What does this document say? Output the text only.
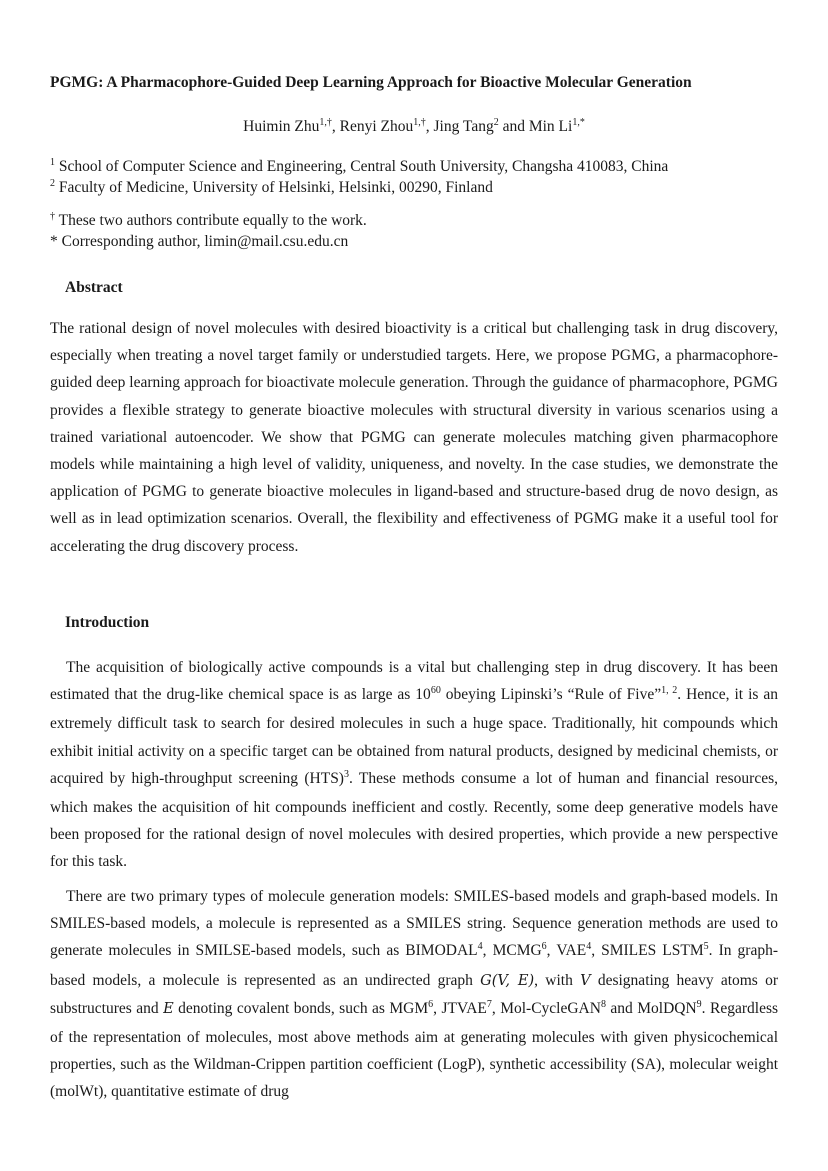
PGMG: A Pharmacophore-Guided Deep Learning Approach for Bioactive Molecular Generation
Huimin Zhu$^{1,\dagger}$, Renyi Zhou$^{1,\dagger}$, Jing Tang$^2$ and Min $Li^{1,*}$
$^1$ School of Computer Science and Engineering, Central South University, Changsha 410083, China
$^2$ Faculty of Medicine, University of Helsinki, Helsinki, 00290, Finland
† These two authors contribute equally to the work.
* Corresponding author, limin@mail.csu.edu.cn
Abstract
The rational design of novel molecules with desired bioactivity is a critical but challenging task in drug discovery, especially when treating a novel target family or understudied targets. Here, we propose PGMG, a pharmacophore-guided deep learning approach for bioactivate molecule generation. Through the guidance of pharmacophore, PGMG provides a flexible strategy to generate bioactive molecules with structural diversity in various scenarios using a trained variational autoencoder. We show that PGMG can generate molecules matching given pharmacophore models while maintaining a high level of validity, uniqueness, and novelty. In the case studies, we demonstrate the application of PGMG to generate bioactive molecules in ligand-based and structure-based drug de novo design, as well as in lead optimization scenarios. Overall, the flexibility and effectiveness of PGMG make it a useful tool for accelerating the drug discovery process.
Introduction
The acquisition of biologically active compounds is a vital but challenging step in drug discovery. It has been estimated that the drug-like chemical space is as large as $10^{60}$ obeying Lipinski’s “Rule of Five”$^{1, 2}$. Hence, it is an extremely difficult task to search for desired molecules in such a huge space. Traditionally, hit compounds which exhibit initial activity on a specific target can be obtained from natural products, designed by medicinal chemists, or acquired by high-throughput screening (HTS)$^3$. These methods consume a lot of human and financial resources, which makes the acquisition of hit compounds inefficient and costly. Recently, some deep generative models have been proposed for the rational design of novel molecules with desired properties, which provide a new perspective for this task.
There are two primary types of molecule generation models: SMILES-based models and graph-based models. In SMILES-based models, a molecule is represented as a SMILES string. Sequence generation methods are used to generate molecules in SMILSE-based models, such as BIMODAL$^4$, MCMG$^6$, VAE$^4$, SMILES LSTM$^5$. In graph-based models, a molecule is represented as an undirected graph G(V, E), with V designating heavy atoms or substructures and E denoting covalent bonds, such as MGM$^6$, JTVAE$^7$, Mol-CycleGAN$^8$ and MolDQN$^9$. Regardless of the representation of molecules, most above methods aim at generating molecules with given physicochemical properties, such as the Wildman-Crippen partition coefficient (LogP), synthetic accessibility (SA), molecular weight (molWt), quantitative estimate of drug
